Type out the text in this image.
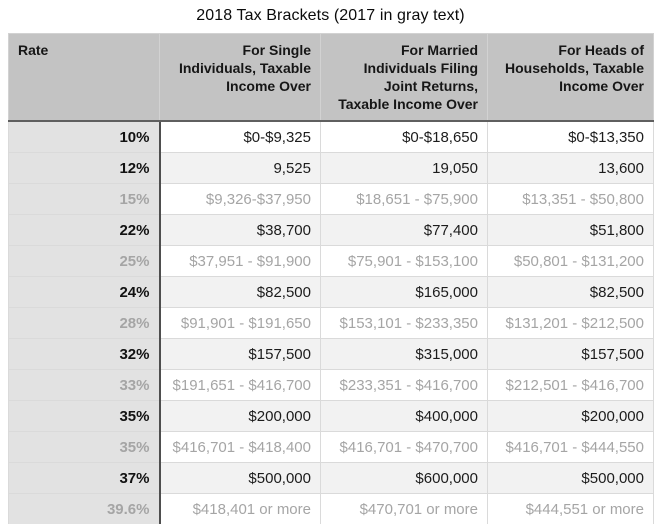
2018 Tax Brackets (2017 in gray text)
Rate	For Single Individuals, Taxable Income Over	For Married Individuals Filing Joint Returns, Taxable Income Over	For Heads of Households, Taxable Income Over
10%	$0-$9,325	$0-$18,650	$0-$13,350
12%	9,525	19,050	13,600
15%	$9,326-$37,950	$18,651 - $75,900	$13,351 - $50,800
22%	$38,700	$77,400	$51,800
25%	$37,951 - $91,900	$75,901 - $153,100	$50,801 - $131,200
24%	$82,500	$165,000	$82,500
28%	$91,901 - $191,650	$153,101 - $233,350	$131,201 - $212,500
32%	$157,500	$315,000	$157,500
33%	$191,651 - $416,700	$233,351 - $416,700	$212,501 - $416,700
35%	$200,000	$400,000	$200,000
35%	$416,701 - $418,400	$416,701 - $470,700	$416,701 - $444,550
37%	$500,000	$600,000	$500,000
39.6%	$418,401 or more	$470,701 or more	$444,551 or more
